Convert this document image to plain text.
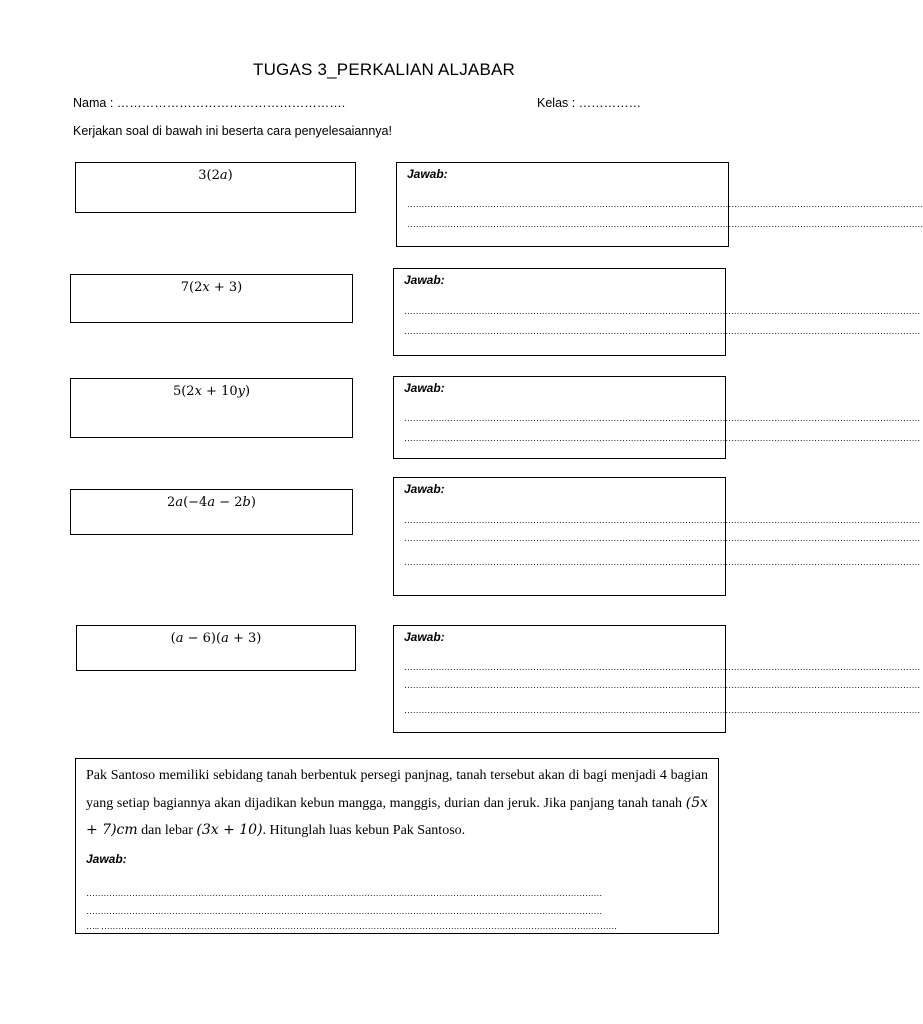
TUGAS 3_PERKALIAN ALJABAR
Nama : ……………………………………………….	Kelas : ……………
Kerjakan soal di bawah ini beserta cara penyelesaiannya!
3(2a)	Jawab:
………………………………………………………………………………………………………………………………………………………………
………………………………………………………………………………………………………………………………………………………………
7(2x + 3)	Jawab:
………………………………………………………………………………………………………………………………………………………………
………………………………………………………………………………………………………………………………………………………………
5(2x + 10y)	Jawab:
………………………………………………………………………………………………………………………………………………………………
………………………………………………………………………………………………………………………………………………………………
2a(−4a − 2b)
Jawab:
………………………………………………………………………………………………………………………………………………………………
………………………………………………………………………………………………………………………………………………………………
………………………………………………………………………………………………………………………………………………………………
(a − 6)(a + 3)	Jawab:
………………………………………………………………………………………………………………………………………………………………
………………………………………………………………………………………………………………………………………………………………
………………………………………………………………………………………………………………………………………………………………
Pak Santoso memiliki sebidang tanah berbentuk persegi panjnag, tanah tersebut akan di bagi menjadi 4 bagian yang setiap bagiannya akan dijadikan kebun mangga, manggis, durian dan jeruk. Jika panjang tanah tanah (5x + 7)cm dan lebar (3x + 10). Hitunglah luas kebun Pak Santoso.
Jawab:
………………………………………………………………………………………………………………………………………………………………
………………………………………………………………………………………………………………………………………………………………
….. ………………………………………………………………………………………………………………………………………………………………
